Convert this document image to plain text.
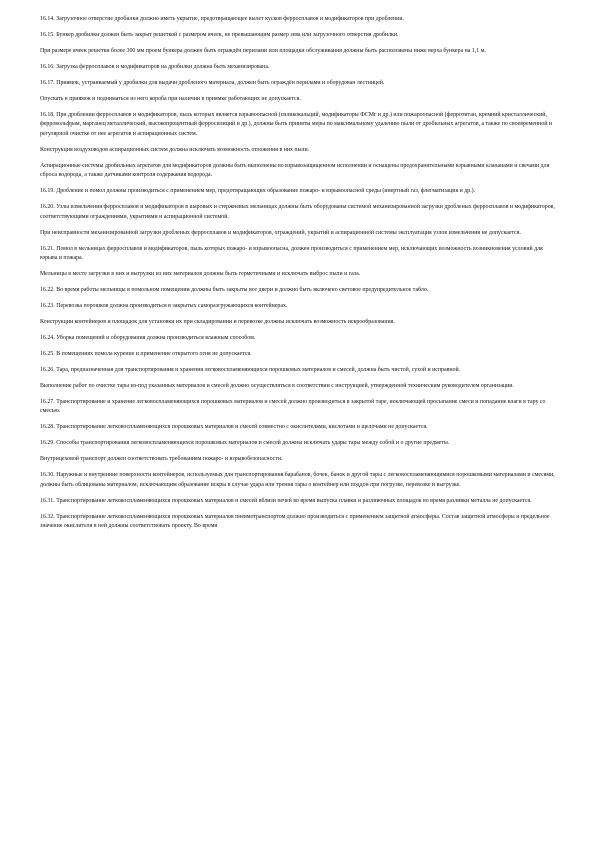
16.14. Загрузочное отверстие дробилки должно иметь укрытие, предотвращающее вылет кусков ферросплавов и модификаторов при дроблении.

16.15. Бункер дробилки должен быть закрыт решеткой с размером ячеек, не превышающим размер зева или загрузочного отверстия дробилки.

При размере ячеек решетки более 300 мм проем бункера должен быть ограждён перилами или площадки обслуживания должны быть расположены ниже верха бункера на 1,1 м.

16.16. Загрузка ферросплавов и модификаторов на дробилки должна быть механизирована.

16.17. Приямок, устраиваемый у дробилки для выдачи дробленого материала, должен быть ограждён перилами и оборудован лестницей.

Опускать в приямок и подниматься из него короба при наличии в приямке работающих не допускается.

16.18. При дроблении ферросплавов и модификаторов, пыль которых является взрывоопасной (силикокальций, модификаторы ФСМг и др.) или пожароопасной (ферротитан, кремний кристаллический, ферровольфрам, марганец металлический, высокопроцентный ферросилиций и др.), должны быть приняты меры по максимальному удалению пыли от дробильных агрегатов, а также по своевременной и регулярной очистке от нее агрегатов и аспирационных систем.

Конструкция воздуховодов аспирационных систем должна исключать возможность отложения в них пыли.

Аспирационные системы дробильных агрегатов для модификаторов должны быть выполнены во взрывозащищенном исполнении и оснащены предохранительными взрывными клапанами и свечами для сброса водорода, а также датчиками контроля содержания водорода.

16.19. Дробление и помол должны производиться с применением мер, предотвращающих образование пожаро- и взрывоопасной среды (инертный газ, флегматизация и др.).

16.20. Узлы измельчения ферросплавов и модификаторов в шаровых и стержневых мельницах должны быть оборудованы системой механизированной загрузки дробленых ферросплавов и модификаторов, соответствующими ограждениями, укрытиями и аспирационной системой.

При неисправности механизированной загрузки дробленых ферросплавов и модификаторов, ограждений, укрытий и аспирационной системы эксплуатация узлов измельчения не допускается.

16.21. Помол в мельницах ферросплавов и модификаторов, пыль которых пожаро- и взрывоопасна, должен производиться с применением мер, исключающих возможность возникновения условий для взрыва и пожара.

Мельницы в месте загрузки в них и выгрузки из них материалов должны быть герметичными и исключать выброс пыли и газа.

16.22. Во время работы мельницы в помольном помещении должны быть закрыты все двери и должно быть включено световое предупредительное табло.

16.23. Перевозка порошков должна производиться в закрытых самораэгружающихся контейнерах.

Конструкции контейнеров и площадок для установки их при складировании и перевозке должны исключать возможность искрообразования.

16.24. Уборка помещений и оборудования должна производиться влажным способом.

16.25. В помещениях помола курение и применение открытого огня не допускается.

16.26. Тара, предназначенная для транспортирования и хранения легковоспламеняющихся порошковых материалов и смесей, должна быть чистой, сухой и исправной.

Выполнение работ по очистке тары из-под указанных материалов и смесей должно осуществляться в соответствии с инструкцией, утвержденной техническим руководителем организации.

16.27. Транспортирование и хранение легковоспламеняющихся порошковых материалов и смесей должно производиться в закрытой таре, исключающей просыпание смеси и попадание влаги в тару со смесью.

16.28. Транспортирование легковоспламеняющихся порошковых материалов и смесей совместно с окислителями, кислотами и щелочами не допускается.

16.29. Способы транспортирования легковоспламеняющихся порошковых материалов и смесей должны исключать удары тары между собой и о другие предметы.

Внутрицеховой транспорт должен соответствовать требованиям пожаро- и взрывобезопасности.

16.30. Наружные и внутренние поверхности контейнеров, используемых для транспортирования барабанов, бочек, банок и другой тары с легковоспламеняющимися порошковыми материалами и смесями, должны быть облицованы материалом, исключающим образование искры в случае удара или трения тары о контейнер или поддон при погрузке, перевозке и выгрузке.

16.31. Транспортирование легковоспламеняющихся порошковых материалов и смесей вблизи печей во время выпуска плавки и разливочных площадок во время разливки металла не допускается.

16.32. Транспортирование легковоспламеняющихся порошковых материалов пневмотранспортом должно производиться с применением защитной атмосферы. Состав защитной атмосферы и предельное значение окислителя в ней должны соответствовать проекту. Во время
